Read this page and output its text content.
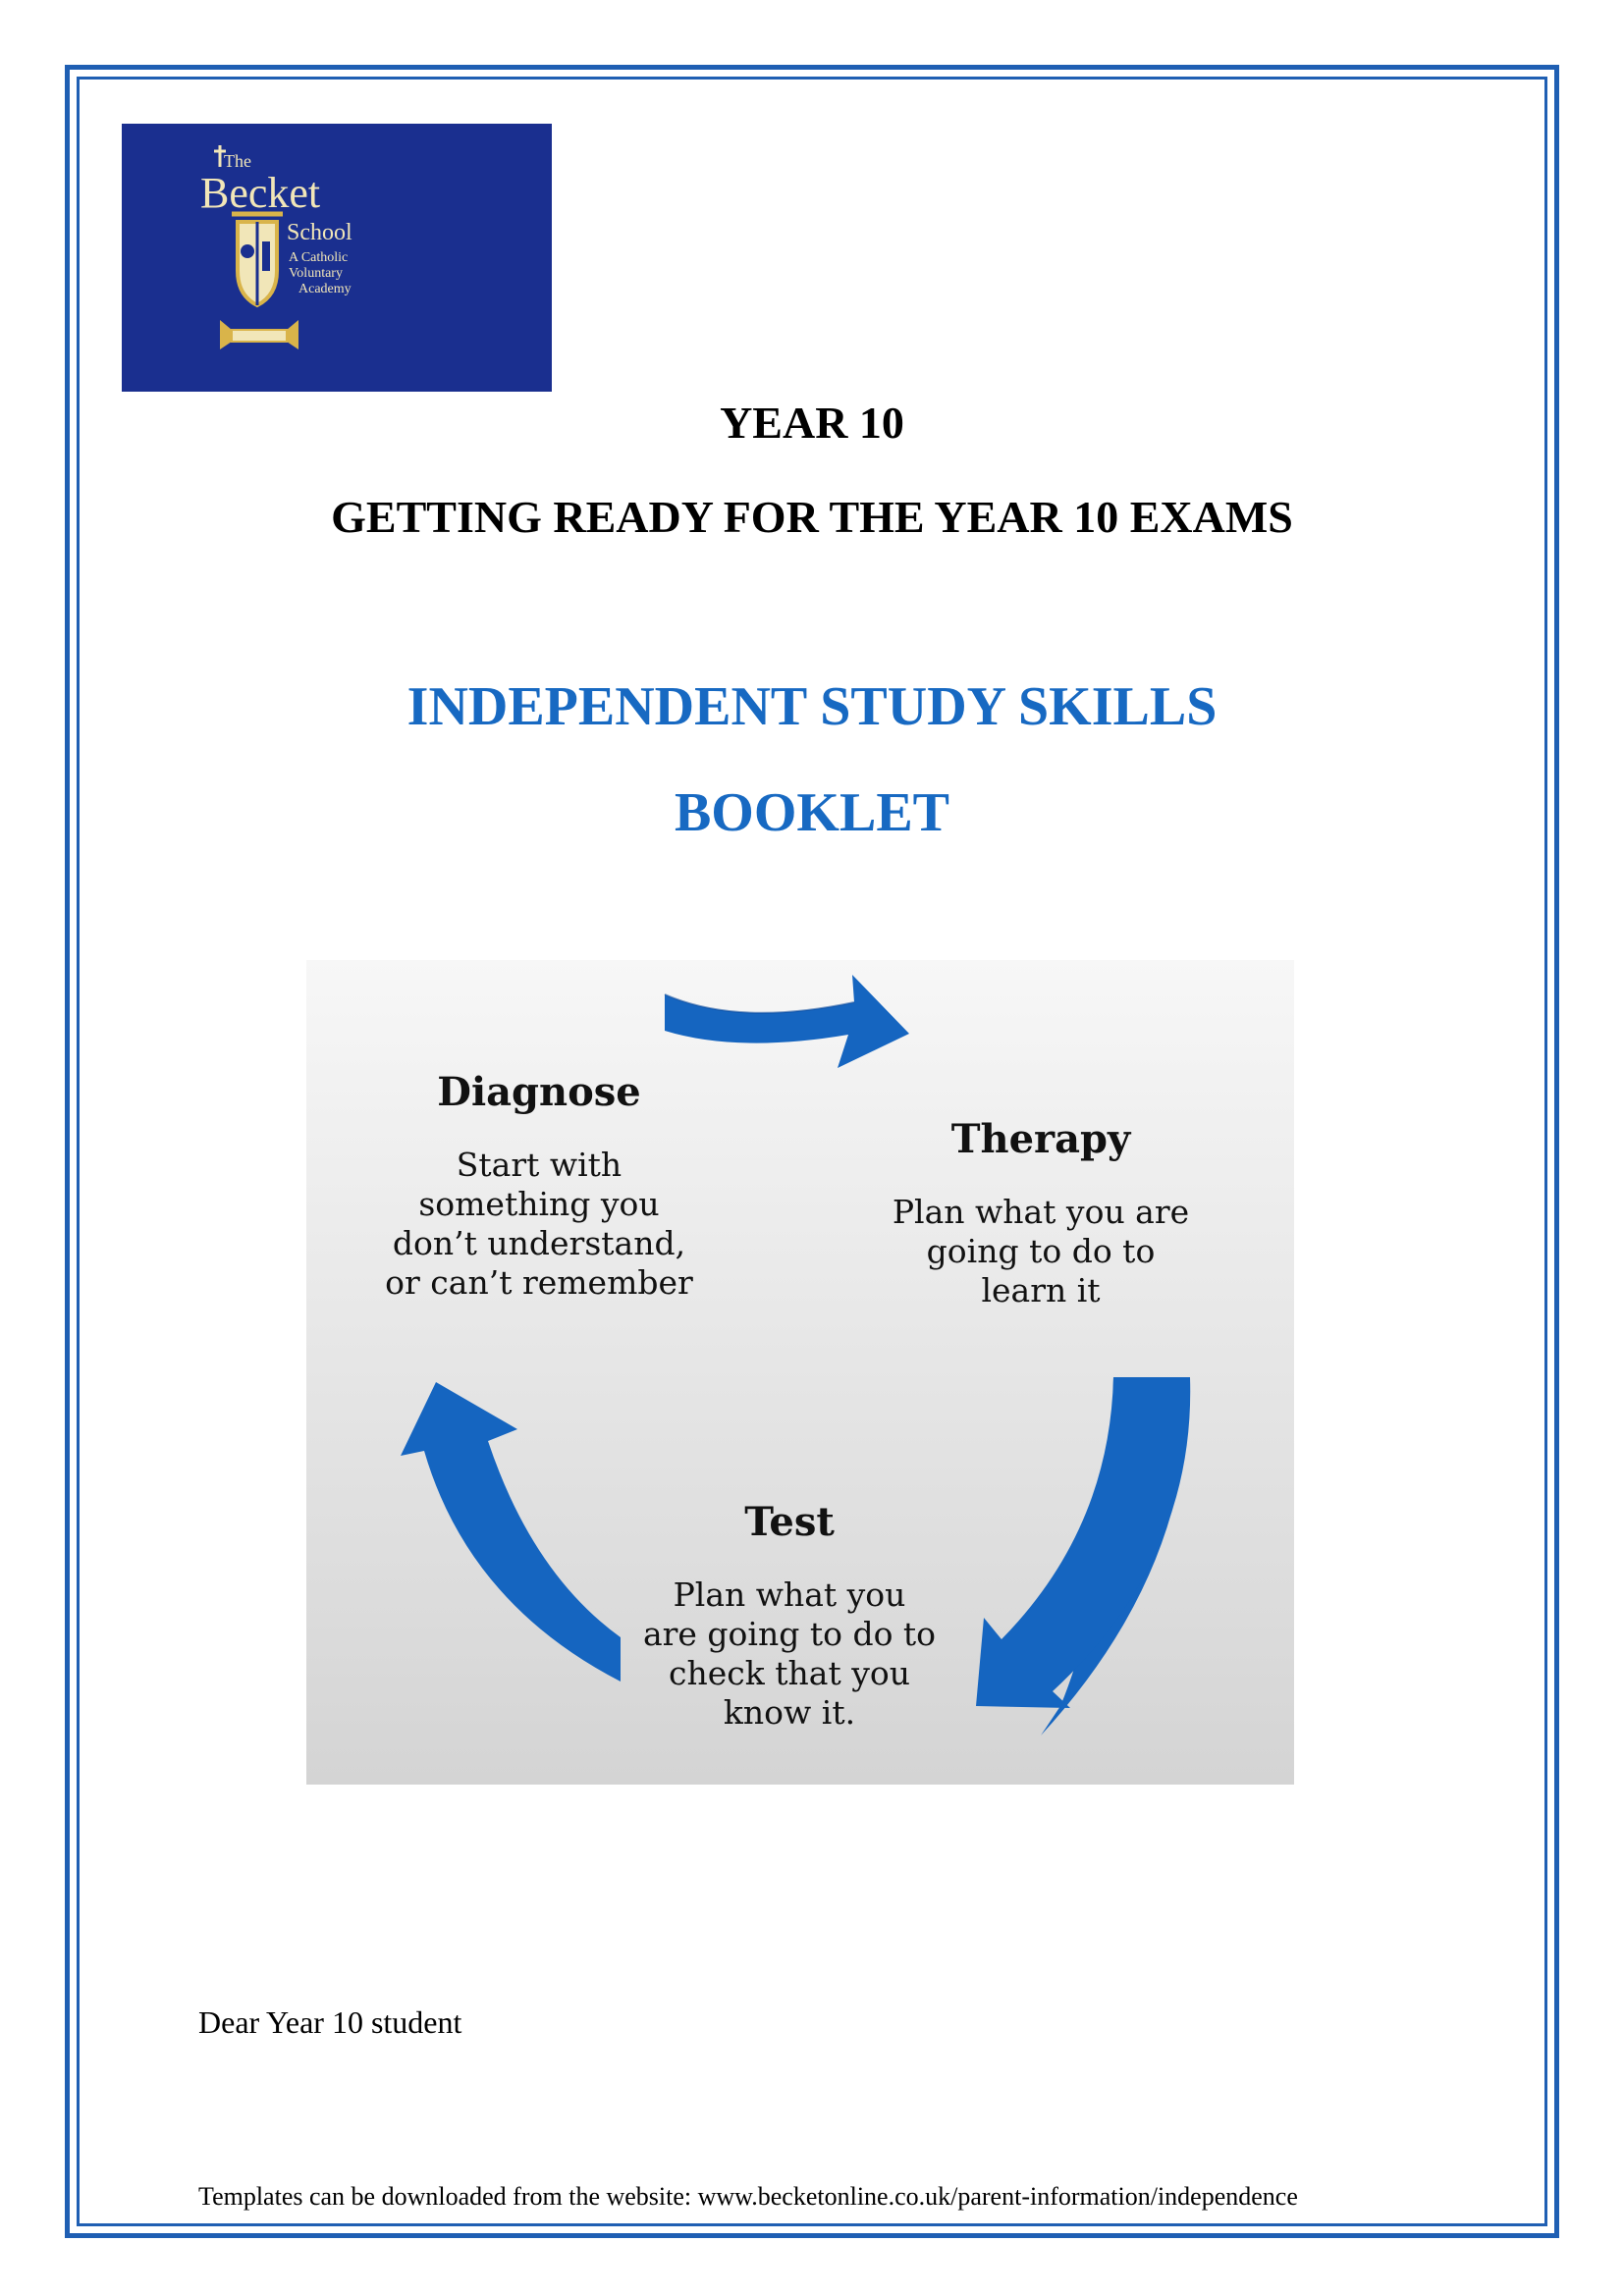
The
Becket
School
A Catholic
Voluntary
Academy
YEAR 10
GETTING READY FOR THE YEAR 10 EXAMS
INDEPENDENT STUDY SKILLS
BOOKLET
Diagnose
Start with
something you
don’t understand,
or can’t remember
Therapy
Plan what you are
going to do to
learn it
Test
Plan what you
are going to do to
check that you
know it.
Dear Year 10 student
Templates can be downloaded from the website: www.becketonline.co.uk/parent-information/independence
